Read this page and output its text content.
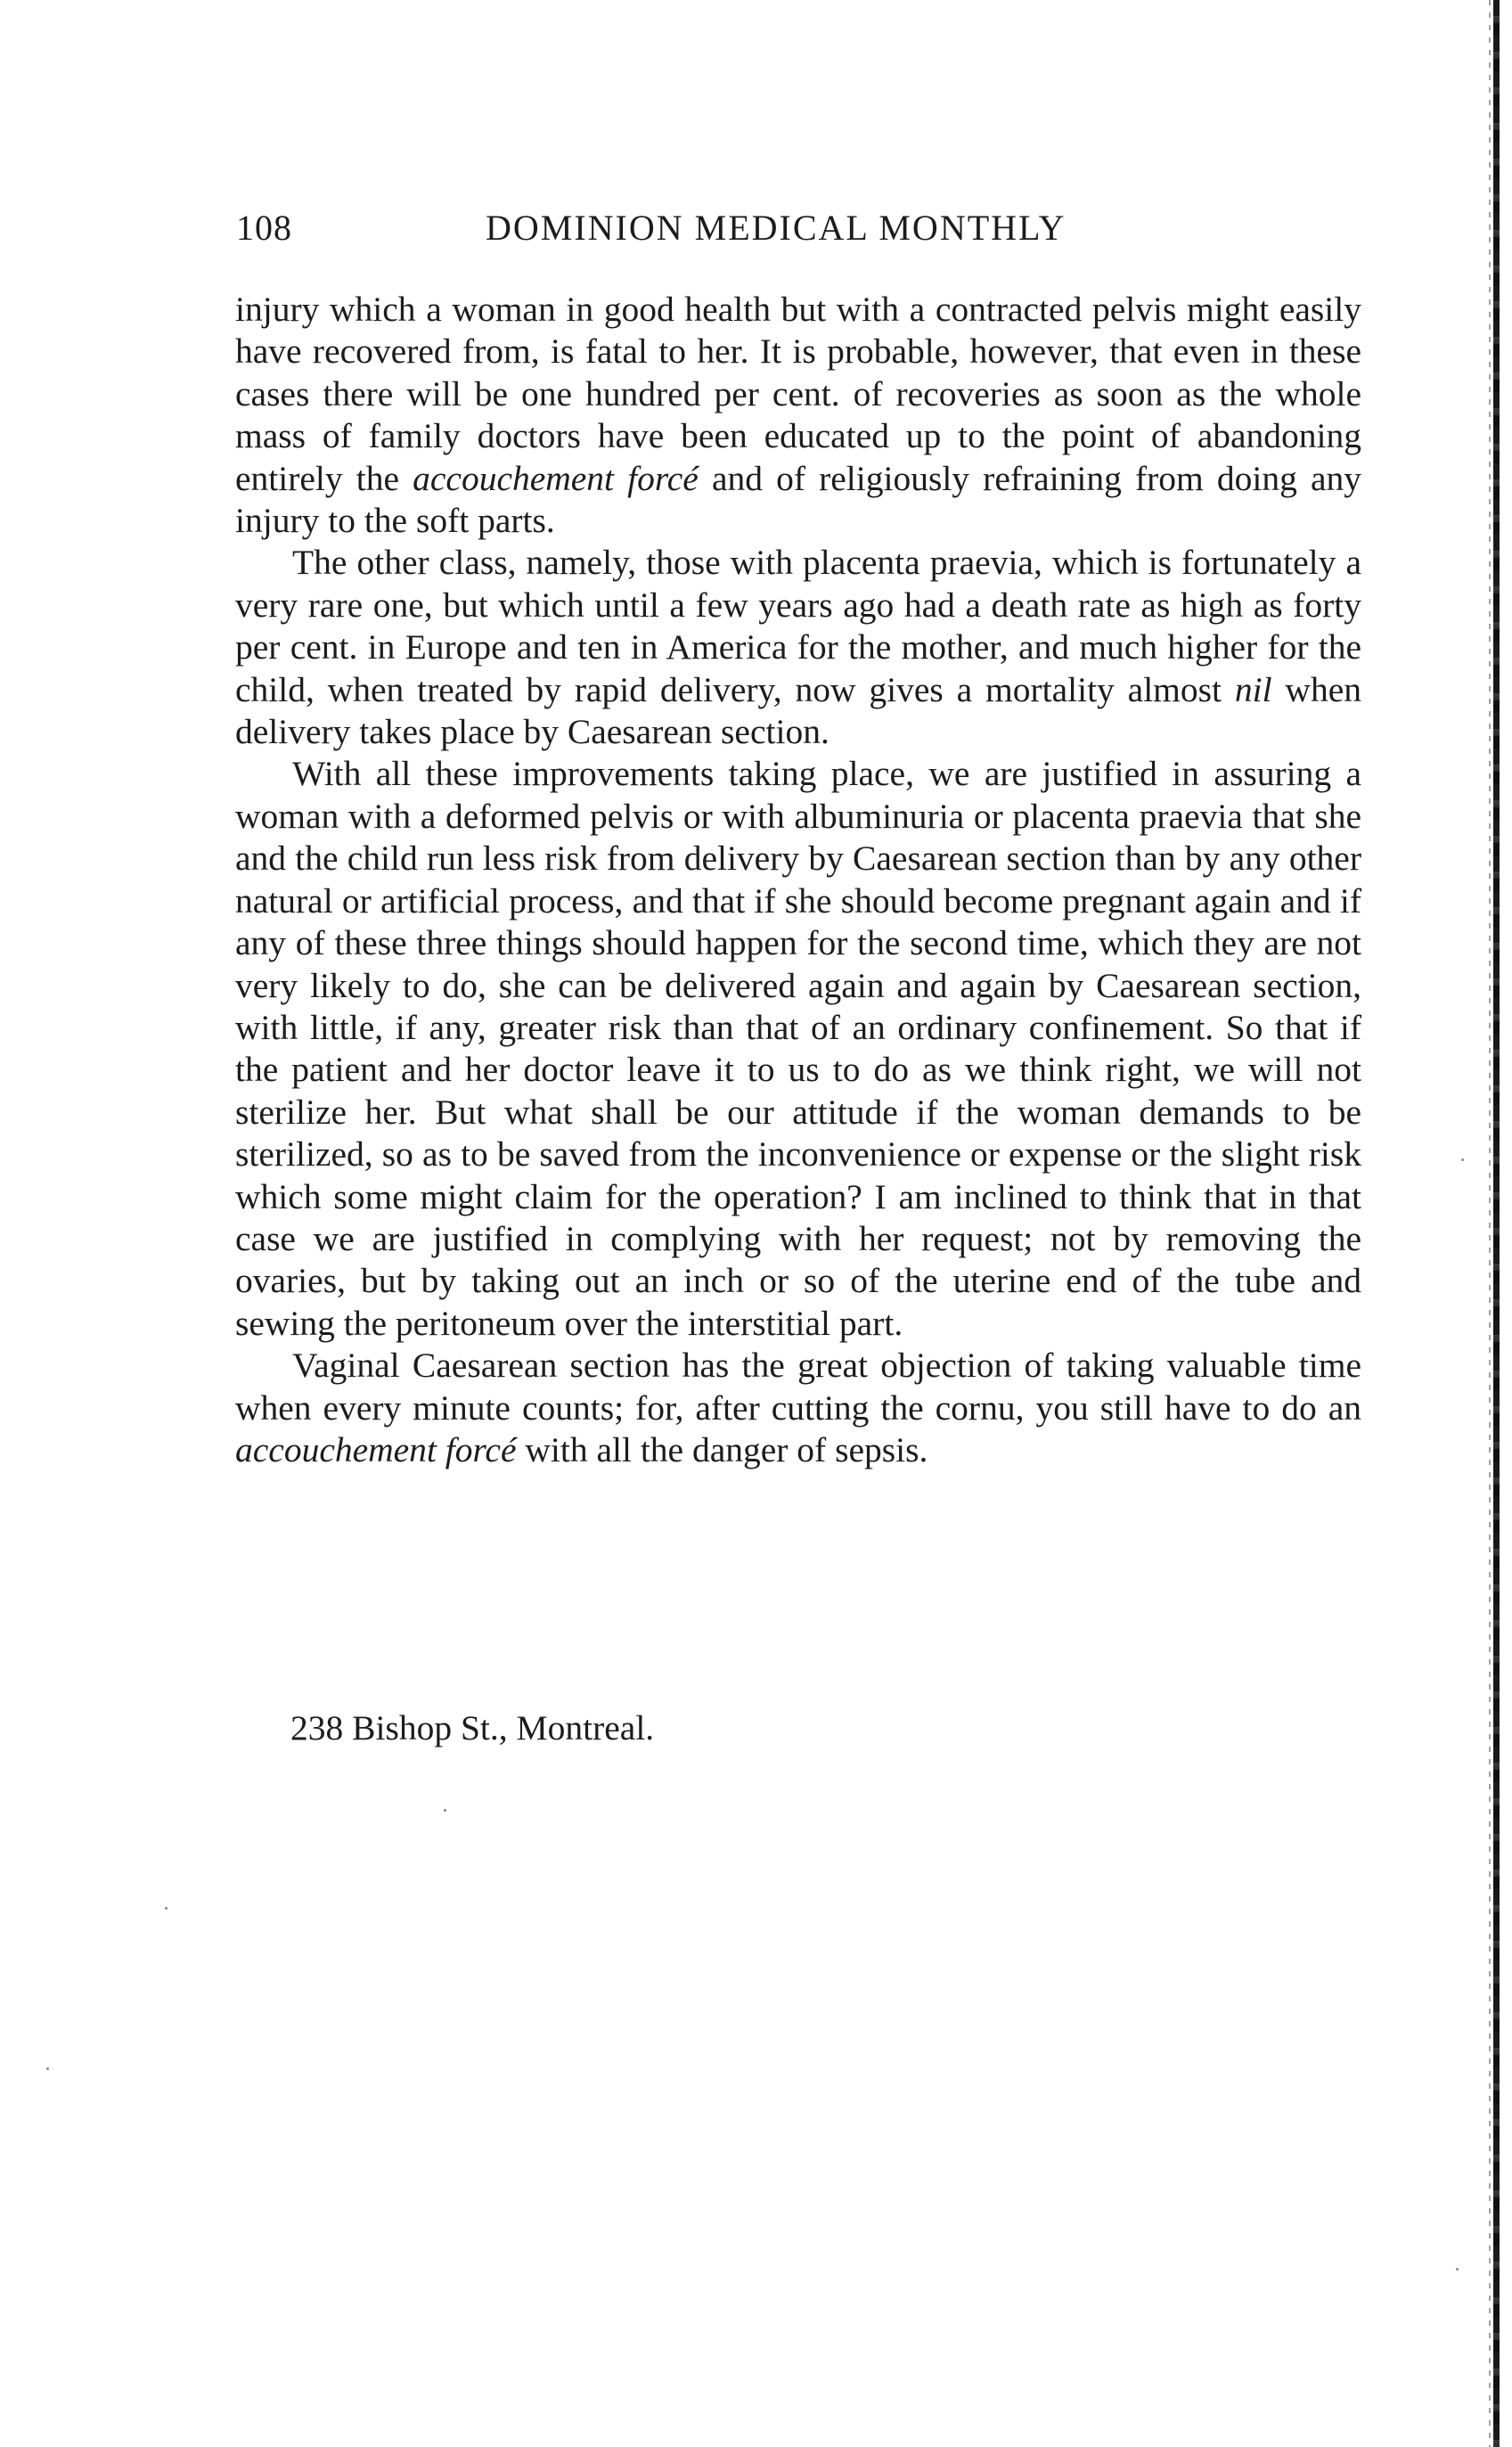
108	DOMINION MEDICAL MONTHLY

injury which a woman in good health but with a contracted pelvis might easily have recovered from, is fatal to her. It is probable, however, that even in these cases there will be one hundred per cent. of recoveries as soon as the whole mass of family doctors have been educated up to the point of abandoning entirely the accouchement forcé and of religiously refraining from doing any injury to the soft parts.

The other class, namely, those with placenta praevia, which is fortunately a very rare one, but which until a few years ago had a death rate as high as forty per cent. in Europe and ten in America for the mother, and much higher for the child, when treated by rapid delivery, now gives a mortality almost nil when delivery takes place by Caesarean section.

With all these improvements taking place, we are justified in assuring a woman with a deformed pelvis or with albuminuria or placenta praevia that she and the child run less risk from delivery by Caesarean section than by any other natural or artificial process, and that if she should become pregnant again and if any of these three things should happen for the second time, which they are not very likely to do, she can be delivered again and again by Caesarean section, with little, if any, greater risk than that of an ordinary confinement. So that if the patient and her doctor leave it to us to do as we think right, we will not sterilize her. But what shall be our attitude if the woman demands to be sterilized, so as to be saved from the inconvenience or expense or the slight risk which some might claim for the operation? I am inclined to think that in that case we are justified in complying with her request; not by removing the ovaries, but by taking out an inch or so of the uterine end of the tube and sewing the peritoneum over the interstitial part.

Vaginal Caesarean section has the great objection of taking valuable time when every minute counts; for, after cutting the cornu, you still have to do an accouchement forcé with all the danger of sepsis.

238 Bishop St., Montreal.
